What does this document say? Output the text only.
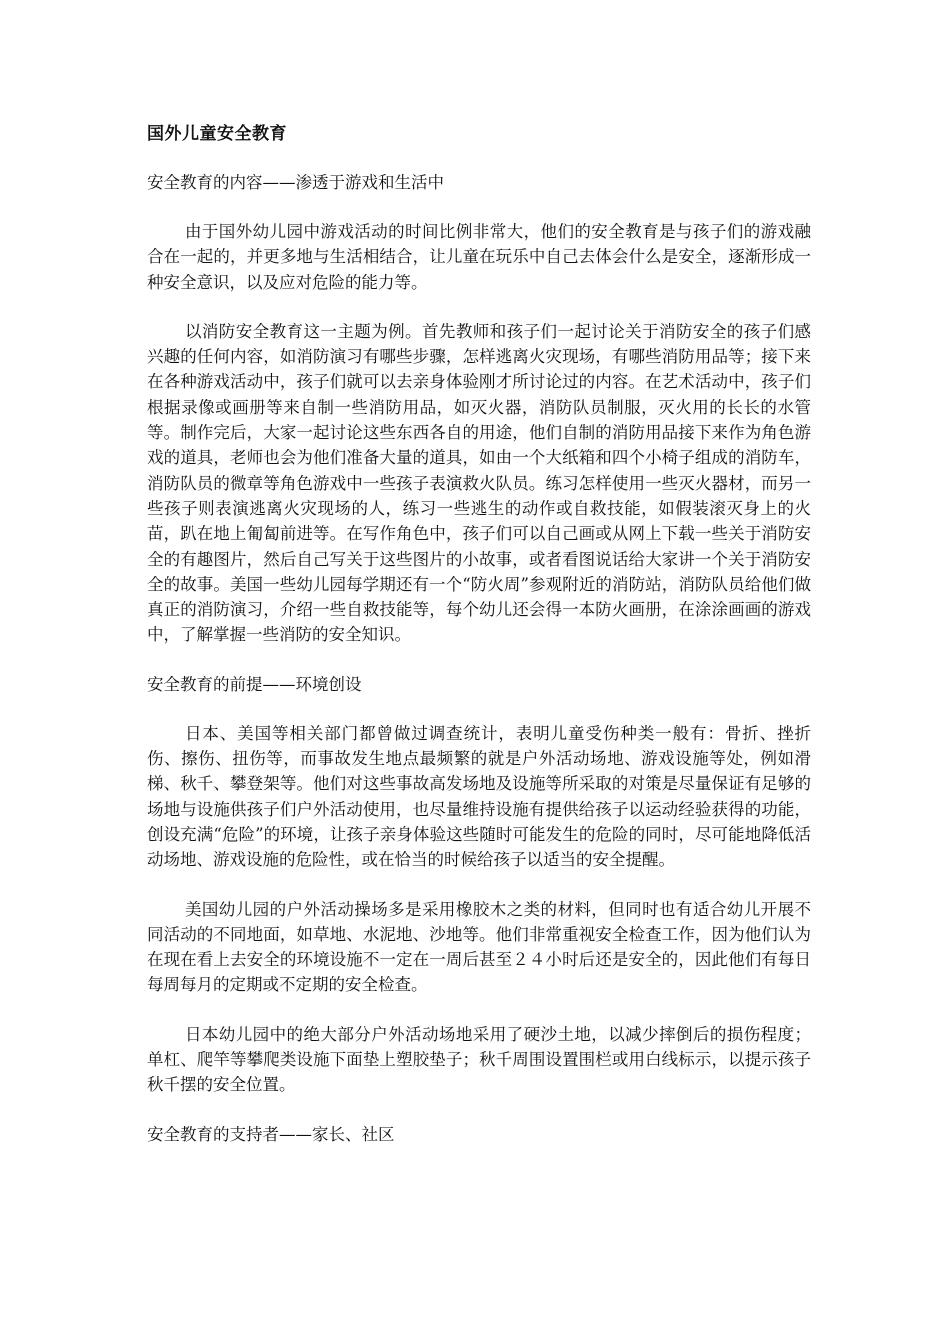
国外儿童安全教育
安全教育的内容——渗透于游戏和生活中

由于国外幼儿园中游戏活动的时间比例非常大，他们的安全教育是与孩子们的游戏融合在一起的，并更多地与生活相结合，让儿童在玩乐中自己去体会什么是安全，逐渐形成一种安全意识，以及应对危险的能力等。

以消防安全教育这一主题为例。首先教师和孩子们一起讨论关于消防安全的孩子们感兴趣的任何内容，如消防演习有哪些步骤，怎样逃离火灾现场，有哪些消防用品等；接下来在各种游戏活动中，孩子们就可以去亲身体验刚才所讨论过的内容。在艺术活动中，孩子们根据录像或画册等来自制一些消防用品，如灭火器，消防队员制服，灭火用的长长的水管等。制作完后，大家一起讨论这些东西各自的用途，他们自制的消防用品接下来作为角色游戏的道具，老师也会为他们准备大量的道具，如由一个大纸箱和四个小椅子组成的消防车，消防队员的微章等角色游戏中一些孩子表演救火队员。练习怎样使用一些灭火器材，而另一些孩子则表演逃离火灾现场的人，练习一些逃生的动作或自救技能，如假装滚灭身上的火苗，趴在地上匍匐前进等。在写作角色中，孩子们可以自己画或从网上下载一些关于消防安全的有趣图片，然后自己写关于这些图片的小故事，或者看图说话给大家讲一个关于消防安全的故事。美国一些幼儿园每学期还有一个“防火周”参观附近的消防站，消防队员给他们做真正的消防演习，介绍一些自救技能等，每个幼儿还会得一本防火画册，在涂涂画画的游戏中，了解掌握一些消防的安全知识。

安全教育的前提——环境创设

日本、美国等相关部门都曾做过调查统计，表明儿童受伤种类一般有：骨折、挫折伤、擦伤、扭伤等，而事故发生地点最频繁的就是户外活动场地、游戏设施等处，例如滑梯、秋千、攀登架等。他们对这些事故高发场地及设施等所采取的对策是尽量保证有足够的场地与设施供孩子们户外活动使用，也尽量维持设施有提供给孩子以运动经验获得的功能，创设充满“危险”的环境，让孩子亲身体验这些随时可能发生的危险的同时，尽可能地降低活动场地、游戏设施的危险性，或在恰当的时候给孩子以适当的安全提醒。

美国幼儿园的户外活动操场多是采用橡胶木之类的材料，但同时也有适合幼儿开展不同活动的不同地面，如草地、水泥地、沙地等。他们非常重视安全检查工作，因为他们认为在现在看上去安全的环境设施不一定在一周后甚至２４小时后还是安全的，因此他们有每日每周每月的定期或不定期的安全检查。

日本幼儿园中的绝大部分户外活动场地采用了硬沙土地，以减少摔倒后的损伤程度；单杠、爬竿等攀爬类设施下面垫上塑胶垫子；秋千周围设置围栏或用白线标示，以提示孩子秋千摆的安全位置。

安全教育的支持者——家长、社区
